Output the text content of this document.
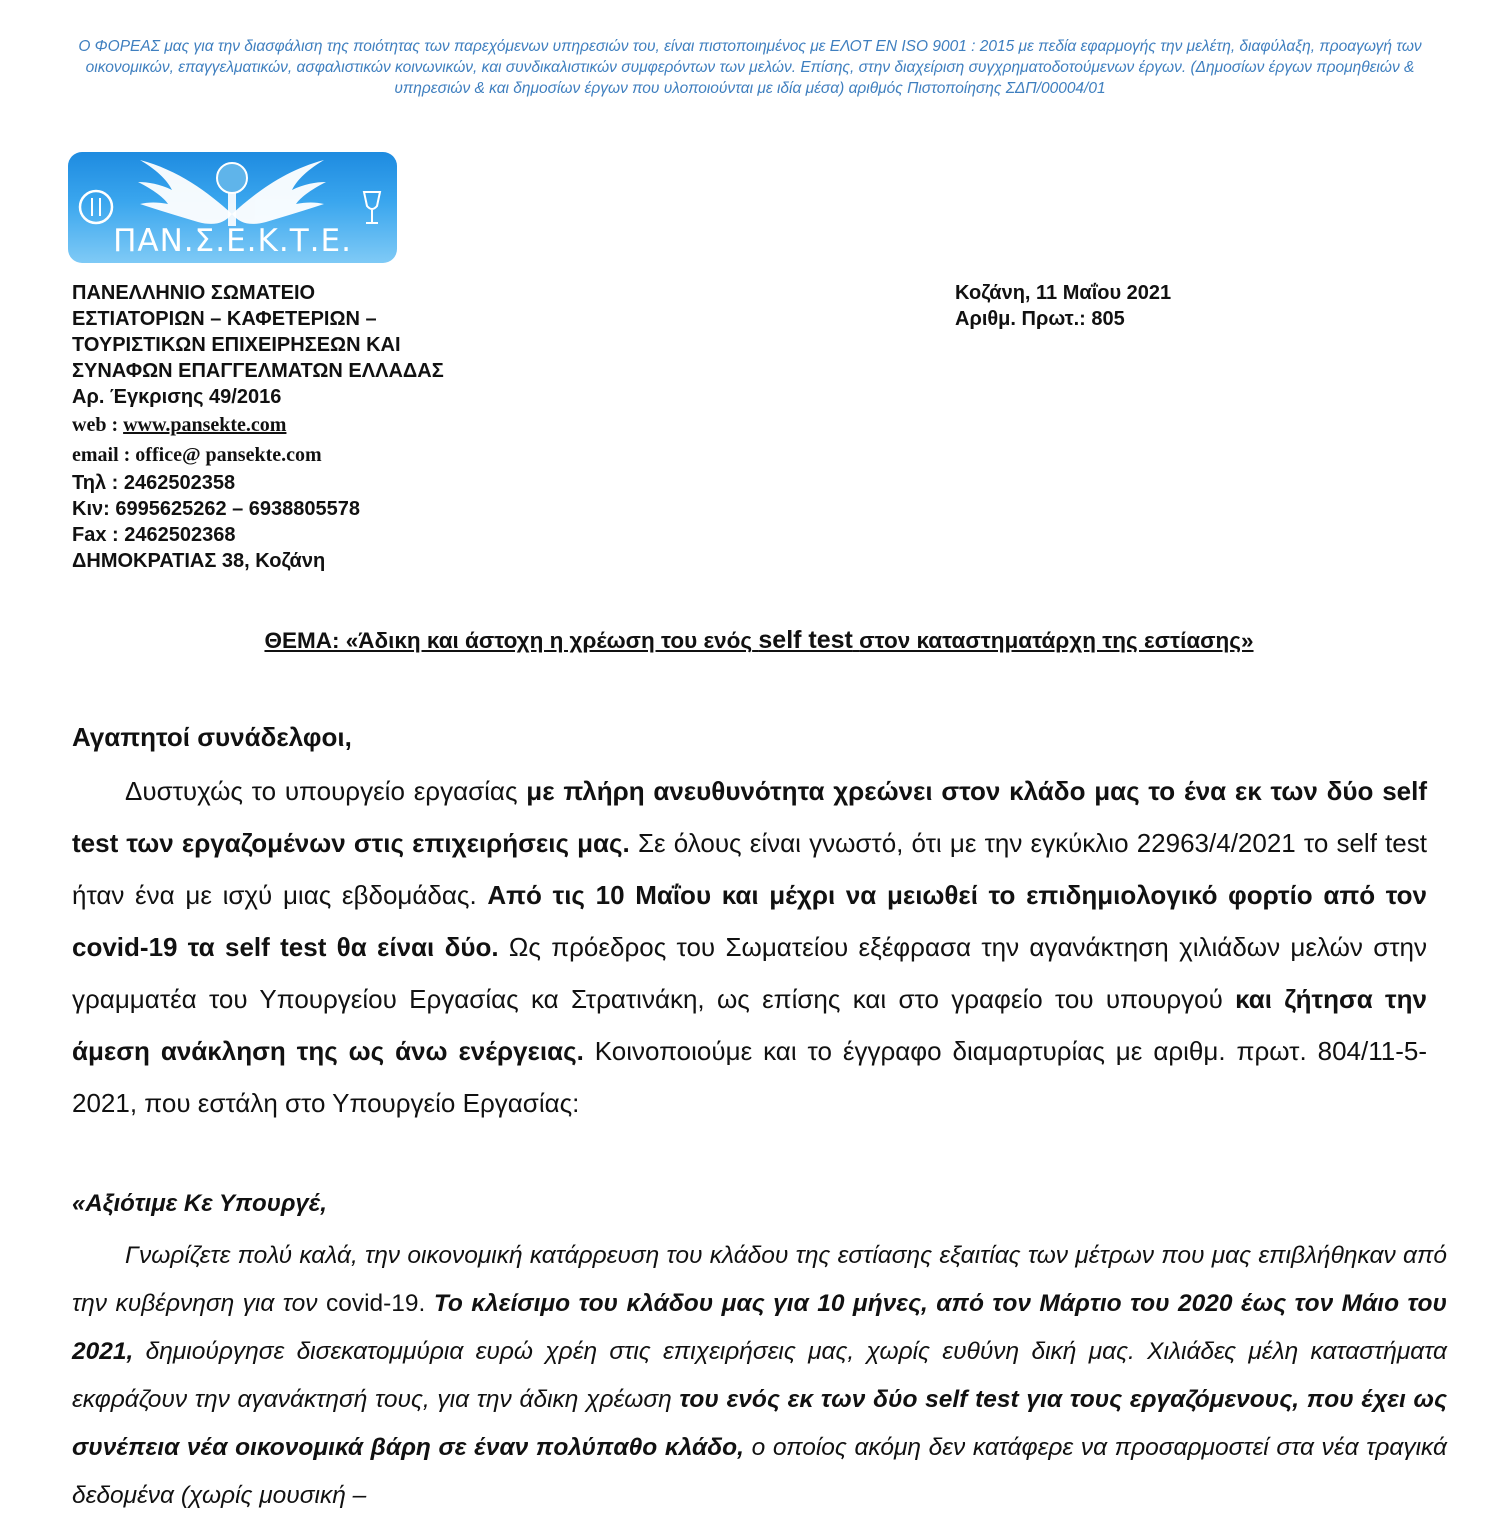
Ο ΦΟΡΕΑΣ μας για την διασφάλιση της ποιότητας των παρεχόμενων υπηρεσιών του, είναι πιστοποιημένος με ΕΛΟΤ ΕΝ ISO 9001 : 2015 με πεδία εφαρμογής την μελέτη, διαφύλαξη, προαγωγή των οικονομικών, επαγγελματικών, ασφαλιστικών κοινωνικών, και συνδικαλιστικών συμφερόντων των μελών. Επίσης, στην διαχείριση συγχρηματοδοτούμενων έργων. (Δημοσίων έργων προμηθειών & υπηρεσιών & και δημοσίων έργων που υλοποιούνται με ιδία μέσα) αριθμός Πιστοποίησης ΣΔΠ/00004/01
ΠΑΝ.Σ.Ε.Κ.Τ.Ε.
ΠΑΝΕΛΛΗΝΙΟ ΣΩΜΑΤΕΙΟ
ΕΣΤΙΑΤΟΡΙΩΝ – ΚΑΦΕΤΕΡΙΩΝ –
ΤΟΥΡΙΣΤΙΚΩΝ ΕΠΙΧΕΙΡΗΣΕΩΝ ΚΑΙ
ΣΥΝΑΦΩΝ ΕΠΑΓΓΕΛΜΑΤΩΝ ΕΛΛΑΔΑΣ
Αρ. Έγκρισης 49/2016
web : www.pansekte.com
email : office@ pansekte.com
Τηλ : 2462502358
Κιν: 6995625262 – 6938805578
Fax : 2462502368
ΔΗΜΟΚΡΑΤΙΑΣ 38, Κοζάνη
Κοζάνη, 11 Μαΐου 2021
Αριθμ. Πρωτ.: 805
ΘΕΜΑ: «Άδικη και άστοχη η χρέωση του ενός self test στον καταστηματάρχη της εστίασης»
Αγαπητοί συνάδελφοι,
Δυστυχώς το υπουργείο εργασίας με πλήρη ανευθυνότητα χρεώνει στον κλάδο μας το ένα εκ των δύο self test των εργαζομένων στις επιχειρήσεις μας. Σε όλους είναι γνωστό, ότι με την εγκύκλιο 22963/4/2021 το self test ήταν ένα με ισχύ μιας εβδομάδας. Από τις 10 Μαΐου και μέχρι να μειωθεί το επιδημιολογικό φορτίο από τον covid-19 τα self test θα είναι δύο. Ως πρόεδρος του Σωματείου εξέφρασα την αγανάκτηση χιλιάδων μελών στην γραμματέα του Υπουργείου Εργασίας κα Στρατινάκη, ως επίσης και στο γραφείο του υπουργού και ζήτησα την άμεση ανάκληση της ως άνω ενέργειας. Κοινοποιούμε και το έγγραφο διαμαρτυρίας με αριθμ. πρωτ. 804/11-5-2021, που εστάλη στο Υπουργείο Εργασίας:
«Αξιότιμε Κε Υπουργέ,
Γνωρίζετε πολύ καλά, την οικονομική κατάρρευση του κλάδου της εστίασης εξαιτίας των μέτρων που μας επιβλήθηκαν από την κυβέρνηση για τον covid-19. Το κλείσιμο του κλάδου μας για 10 μήνες, από τον Μάρτιο του 2020 έως τον Μάιο του 2021, δημιούργησε δισεκατομμύρια ευρώ χρέη στις επιχειρήσεις μας, χωρίς ευθύνη δική μας. Χιλιάδες μέλη καταστήματα εκφράζουν την αγανάκτησή τους, για την άδικη χρέωση του ενός εκ των δύο self test για τους εργαζόμενους, που έχει ως συνέπεια νέα οικονομικά βάρη σε έναν πολύπαθο κλάδο, ο οποίος ακόμη δεν κατάφερε να προσαρμοστεί στα νέα τραγικά δεδομένα (χωρίς μουσική –
